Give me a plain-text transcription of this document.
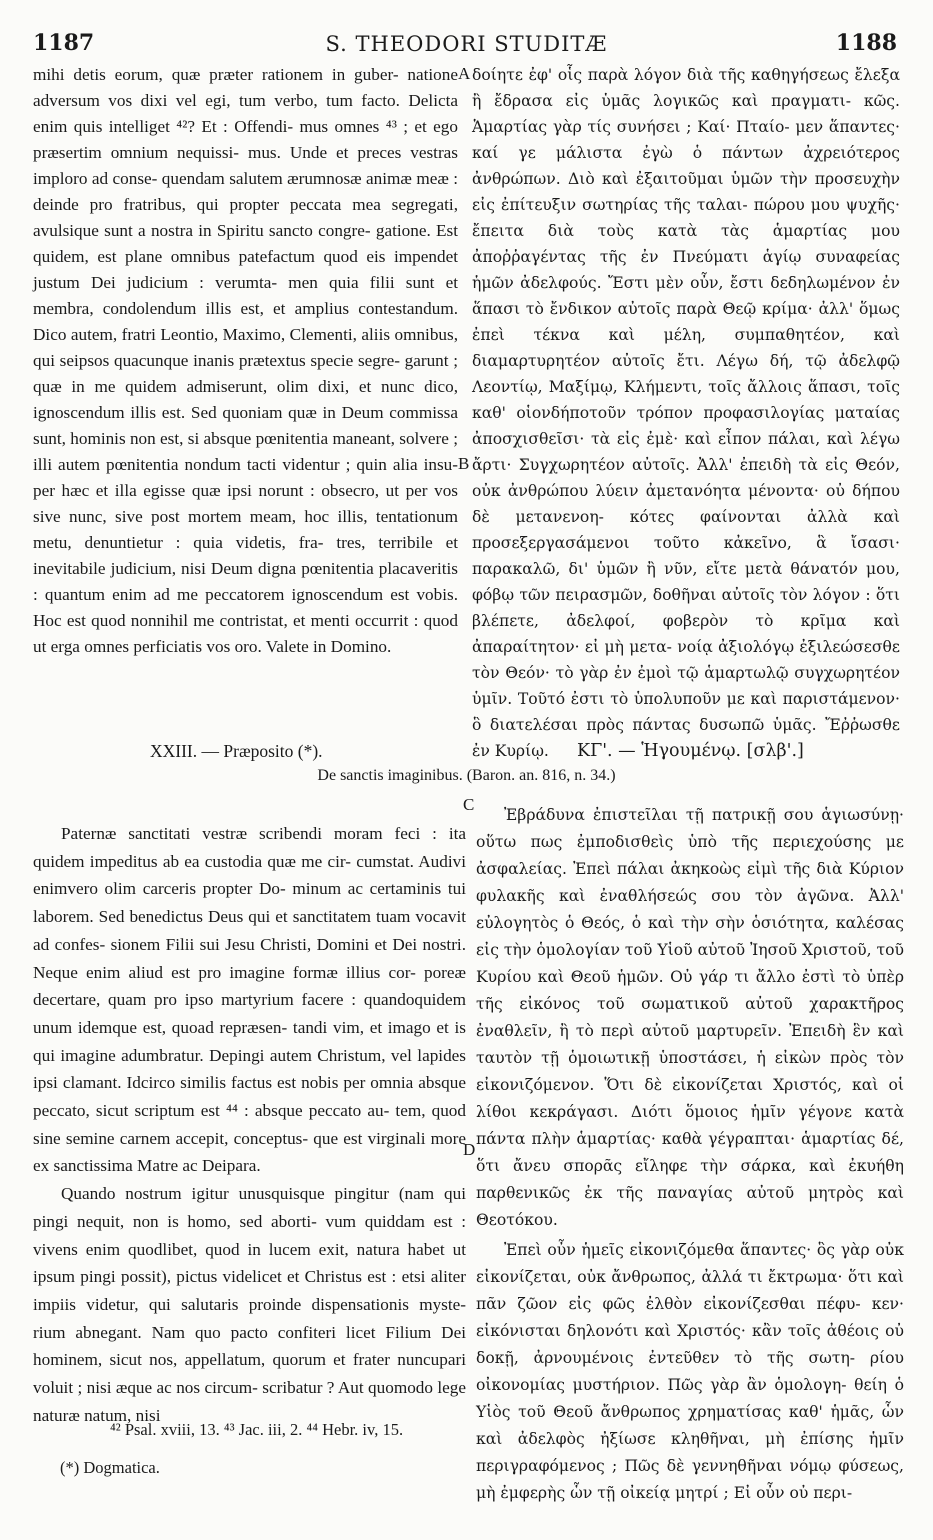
1187	S. THEODORI STUDITÆ	1188

mihi detis eorum, quæ præter rationem in guber- natione adversum vos dixi vel egi, tum verbo, tum facto. Delicta enim quis intelliget ⁴²? Et : Offendi- mus omnes ⁴³ ; et ego præsertim omnium nequissi- mus. Unde et preces vestras imploro ad conse- quendam salutem ærumnosæ animæ meæ : deinde pro fratribus, qui propter peccata mea segregati, avulsique sunt a nostra in Spiritu sancto congre- gatione. Est quidem, est plane omnibus patefactum quod eis impendet justum Dei judicium : verumta- men quia filii sunt et membra, condolendum illis est, et amplius contestandum. Dico autem, fratri Leontio, Maximo, Clementi, aliis omnibus, qui seipsos quacunque inanis prætextus specie segre- garunt ; quæ in me quidem admiserunt, olim dixi, et nunc dico, ignoscendum illis est. Sed quoniam quæ in Deum commissa sunt, hominis non est, si absque pœnitentia maneant, solvere ; illi autem pœnitentia nondum tacti videntur ; quin alia insu- per hæc et illa egisse quæ ipsi norunt : obsecro, ut per vos sive nunc, sive post mortem meam, hoc illis, tentationum metu, denuntietur : quia videtis, fra- tres, terribile et inevitabile judicium, nisi Deum digna pœnitentia placaveritis : quantum enim ad me peccatorem ignoscendum est vobis. Hoc est quod nonnihil me contristat, et menti occurrit : quod ut erga omnes perficiatis vos oro. Valete in Domino.

δοίητε ἐφ' οἷς παρὰ λόγον διὰ τῆς καθηγήσεως ἔλεξα ἢ ἔδρασα εἰς ὑμᾶς λογικῶς καὶ πραγματι- κῶς. Ἁμαρτίας γὰρ τίς συνήσει ; Καί· Πταίο- μεν ἅπαντες· καί γε μάλιστα ἐγὼ ὁ πάντων ἀχρειότερος ἀνθρώπων. Διὸ καὶ ἐξαιτοῦμαι ὑμῶν τὴν προσευχὴν εἰς ἐπίτευξιν σωτηρίας τῆς ταλαι- πώρου μου ψυχῆς· ἔπειτα διὰ τοὺς κατὰ τὰς ἁμαρτίας μου ἀποῤῥαγέντας τῆς ἐν Πνεύματι ἁγίῳ συναφείας ἡμῶν ἀδελφούς. Ἔστι μὲν οὖν, ἔστι δεδηλωμένον ἐν ἅπασι τὸ ἔνδικον αὐτοῖς παρὰ Θεῷ κρίμα· ἀλλ' ὅμως ἐπεὶ τέκνα καὶ μέλη, συμπαθητέον, καὶ διαμαρτυρητέον αὐτοῖς ἔτι. Λέγω δή, τῷ ἀδελφῷ Λεοντίῳ, Μαξίμῳ, Κλήμεντι, τοῖς ἄλλοις ἅπασι, τοῖς καθ' οἱονδήποτοῦν τρόπον προφασιλογίας ματαίας ἀποσχισθεῖσι· τὰ εἰς ἐμὲ· καὶ εἶπον πάλαι, καὶ λέγω ἄρτι· Συγχωρητέον αὐτοῖς. Ἀλλ' ἐπειδὴ τὰ εἰς Θεόν, οὐκ ἀνθρώπου λύειν ἀμετανόητα μένοντα· οὐ δήπου δὲ μετανενοη- κότες φαίνονται ἀλλὰ καὶ προσεξεργασάμενοι τοῦτο κἀκεῖνο, ἃ ἴσασι· παρακαλῶ, δι' ὑμῶν ἢ νῦν, εἴτε μετὰ θάνατόν μου, φόβῳ τῶν πειρασμῶν, δοθῆναι αὐτοῖς τὸν λόγον : ὅτι βλέπετε, ἀδελφοί, φοβερὸν τὸ κρῖμα καὶ ἀπαραίτητον· εἰ μὴ μετα- νοίᾳ ἀξιολόγῳ ἐξιλεώσεσθε τὸν Θεόν· τὸ γὰρ ἐν ἐμοὶ τῷ ἁμαρτωλῷ συγχωρητέον ὑμῖν. Τοῦτό ἐστι τὸ ὑπολυποῦν με καὶ παριστάμενον· ὃ διατελέσαι πρὸς πάντας δυσωπῶ ὑμᾶς. Ἔῤῥωσθε ἐν Κυρίῳ.

A
B
C
D
XXIII. — Præposito (*).	ΚΓ'. — Ἡγουμένῳ. [σλβ'.]
De sanctis imaginibus. (Baron. an. 816, n. 34.)

Paternæ sanctitati vestræ scribendi moram feci : ita quidem impeditus ab ea custodia quæ me cir- cumstat. Audivi enimvero olim carceris propter Do- minum ac certaminis tui laborem. Sed benedictus Deus qui et sanctitatem tuam vocavit ad confes- sionem Filii sui Jesu Christi, Domini et Dei nostri. Neque enim aliud est pro imagine formæ illius cor- poreæ decertare, quam pro ipso martyrium facere : quandoquidem unum idemque est, quoad repræsen- tandi vim, et imago et is qui imagine adumbratur. Depingi autem Christum, vel lapides ipsi clamant. Idcirco similis factus est nobis per omnia absque peccato, sicut scriptum est ⁴⁴ : absque peccato au- tem, quod sine semine carnem accepit, conceptus- que est virginali more ex sanctissima Matre ac Deipara.

Quando nostrum igitur unusquisque pingitur (nam qui pingi nequit, non is homo, sed aborti- vum quiddam est : vivens enim quodlibet, quod in lucem exit, natura habet ut ipsum pingi possit), pictus videlicet et Christus est : etsi aliter impiis videtur, qui salutaris proinde dispensationis myste- rium abnegant. Nam quo pacto confiteri licet Filium Dei hominem, sicut nos, appellatum, quorum et frater nuncupari voluit ; nisi æque ac nos circum- scribatur ? Aut quomodo lege naturæ natum, nisi

Ἐβράδυνα ἐπιστεῖλαι τῇ πατρικῇ σου ἁγιωσύνῃ· οὕτω πως ἐμποδισθεὶς ὑπὸ τῆς περιεχούσης με ἀσφαλείας. Ἐπεὶ πάλαι ἀκηκοὼς εἰμὶ τῆς διὰ Κύριον φυλακῆς καὶ ἐναθλήσεώς σου τὸν ἀγῶνα. Ἀλλ' εὐλογητὸς ὁ Θεός, ὁ καὶ τὴν σὴν ὁσιότητα, καλέσας εἰς τὴν ὁμολογίαν τοῦ Υἱοῦ αὐτοῦ Ἰησοῦ Χριστοῦ, τοῦ Κυρίου καὶ Θεοῦ ἡμῶν. Οὐ γάρ τι ἄλλο ἐστὶ τὸ ὑπὲρ τῆς εἰκόνος τοῦ σωματικοῦ αὐτοῦ χαρακτῆρος ἐναθλεῖν, ἢ τὸ περὶ αὐτοῦ μαρτυρεῖν. Ἐπειδὴ ἓν καὶ ταυτὸν τῇ ὁμοιωτικῇ ὑποστάσει, ἡ εἰκὼν πρὸς τὸν εἰκονιζόμενον. Ὅτι δὲ εἰκονίζεται Χριστός, καὶ οἱ λίθοι κεκράγασι. Διότι ὅμοιος ἡμῖν γέγονε κατὰ πάντα πλὴν ἁμαρτίας· καθὰ γέγραπται· ἁμαρτίας δέ, ὅτι ἄνευ σπορᾶς εἴληφε τὴν σάρκα, καὶ ἐκυήθη παρθενικῶς ἐκ τῆς παναγίας αὐτοῦ μητρὸς καὶ Θεοτόκου.

Ἐπεὶ οὖν ἡμεῖς εἰκονιζόμεθα ἅπαντες· ὃς γὰρ οὐκ εἰκονίζεται, οὐκ ἄνθρωπος, ἀλλά τι ἔκτρωμα· ὅτι καὶ πᾶν ζῶον εἰς φῶς ἐλθὸν εἰκονίζεσθαι πέφυ- κεν· εἰκόνισται δηλονότι καὶ Χριστός· κἂν τοῖς ἀθέοις οὐ δοκῇ, ἀρνουμένοις ἐντεῦθεν τὸ τῆς σωτη- ρίου οἰκονομίας μυστήριον. Πῶς γὰρ ἂν ὁμολογη- θείη ὁ Υἱὸς τοῦ Θεοῦ ἄνθρωπος χρηματίσας καθ' ἡμᾶς, ὧν καὶ ἀδελφὸς ἠξίωσε κληθῆναι, μὴ ἐπίσης ἡμῖν περιγραφόμενος ; Πῶς δὲ γεννηθῆναι νόμῳ φύσεως, μὴ ἐμφερὴς ὧν τῇ οἰκείᾳ μητρί ; Εἰ οὖν οὐ περι-

⁴² Psal. xviii, 13. ⁴³ Jac. iii, 2. ⁴⁴ Hebr. iv, 15.
(*) Dogmatica.
